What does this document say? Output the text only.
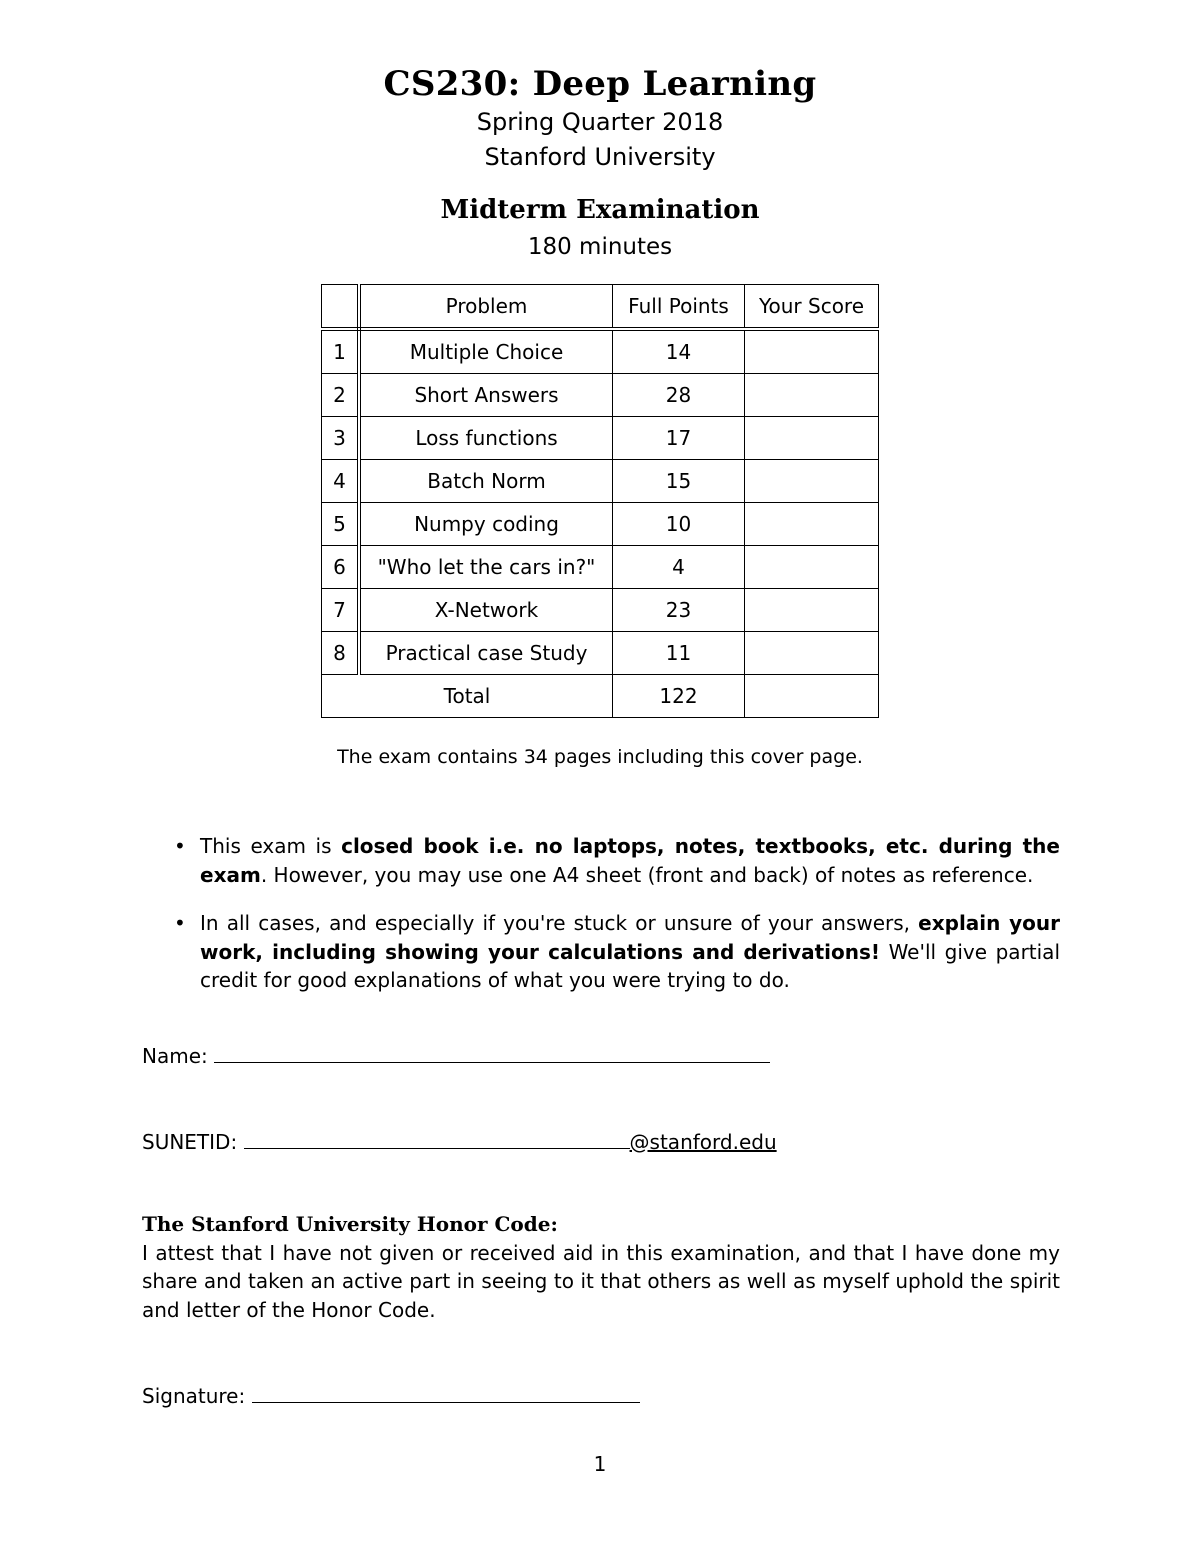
CS230: Deep Learning
Spring Quarter 2018
Stanford University
Midterm Examination
180 minutes
	Problem	Full Points	Your Score
1	Multiple Choice	14	
2	Short Answers	28	
3	Loss functions	17	
4	Batch Norm	15	
5	Numpy coding	10	
6	"Who let the cars in?"	4	
7	X-Network	23	
8	Practical case Study	11	
Total		122	
The exam contains 34 pages including this cover page.
• This exam is closed book i.e. no laptops, notes, textbooks, etc. during the exam. However, you may use one A4 sheet (front and back) of notes as reference.
• In all cases, and especially if you're stuck or unsure of your answers, explain your work, including showing your calculations and derivations! We'll give partial credit for good explanations of what you were trying to do.
Name:
SUNETID:	@stanford.edu
The Stanford University Honor Code:
I attest that I have not given or received aid in this examination, and that I have done my share and taken an active part in seeing to it that others as well as myself uphold the spirit and letter of the Honor Code.
Signature:
1
